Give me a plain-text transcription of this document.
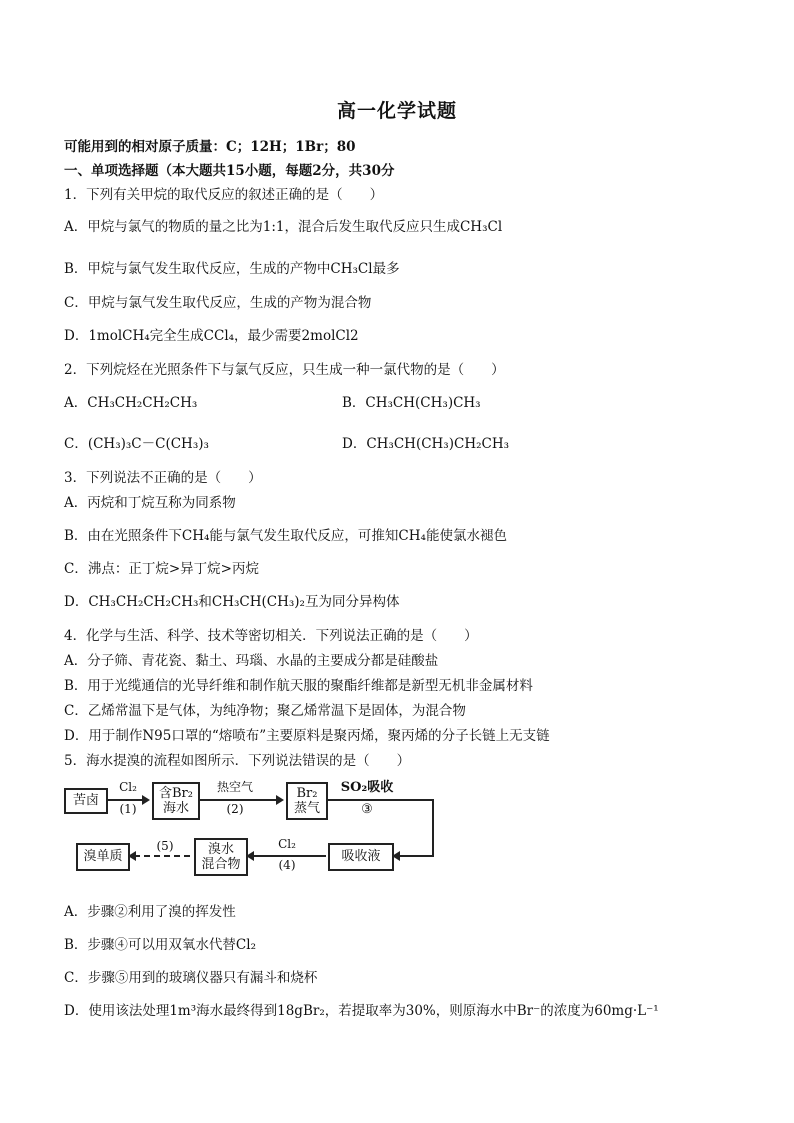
高一化学试题
可能用到的相对原子质量：C；12H；1Br；80
一、单项选择题（本大题共15小题，每题2分，共30分
1．下列有关甲烷的取代反应的叙述正确的是（　　）
A．甲烷与氯气的物质的量之比为1:1，混合后发生取代反应只生成CH₃Cl
B．甲烷与氯气发生取代反应，生成的产物中CH₃Cl最多
C．甲烷与氯气发生取代反应，生成的产物为混合物
D．1molCH₄完全生成CCl₄，最少需要2molCl2
2．下列烷烃在光照条件下与氯气反应，只生成一种一氯代物的是（　　）
A．CH₃CH₂CH₂CH₃	B．CH₃CH(CH₃)CH₃
C．(CH₃)₃C－C(CH₃)₃	D．CH₃CH(CH₃)CH₂CH₃
3．下列说法不正确的是（　　）
A．丙烷和丁烷互称为同系物
B．由在光照条件下CH₄能与氯气发生取代反应，可推知CH₄能使氯水褪色
C．沸点：正丁烷>异丁烷>丙烷
D．CH₃CH₂CH₂CH₃和CH₃CH(CH₃)₂互为同分异构体
4．化学与生活、科学、技术等密切相关．下列说法正确的是（　　）
A．分子筛、青花瓷、黏土、玛瑙、水晶的主要成分都是硅酸盐
B．用于光缆通信的光导纤维和制作航天服的聚酯纤维都是新型无机非金属材料
C．乙烯常温下是气体，为纯净物；聚乙烯常温下是固体，为混合物
D．用于制作N95口罩的“熔喷布”主要原料是聚丙烯，聚丙烯的分子长链上无支链
5．海水提溴的流程如图所示．下列说法错误的是（　　）
苦卤
Cl₂
(1)
含Br₂
海水
热空气
(2)
Br₂
蒸气
SO₂吸收
③
吸收液
Cl₂
(4)
溴水
混合物
(5)
溴单质
A．步骤②利用了溴的挥发性
B．步骤④可以用双氧水代替Cl₂
C．步骤⑤用到的玻璃仪器只有漏斗和烧杯
D．使用该法处理1m³海水最终得到18gBr₂，若提取率为30%，则原海水中Br⁻的浓度为60mg·L⁻¹
